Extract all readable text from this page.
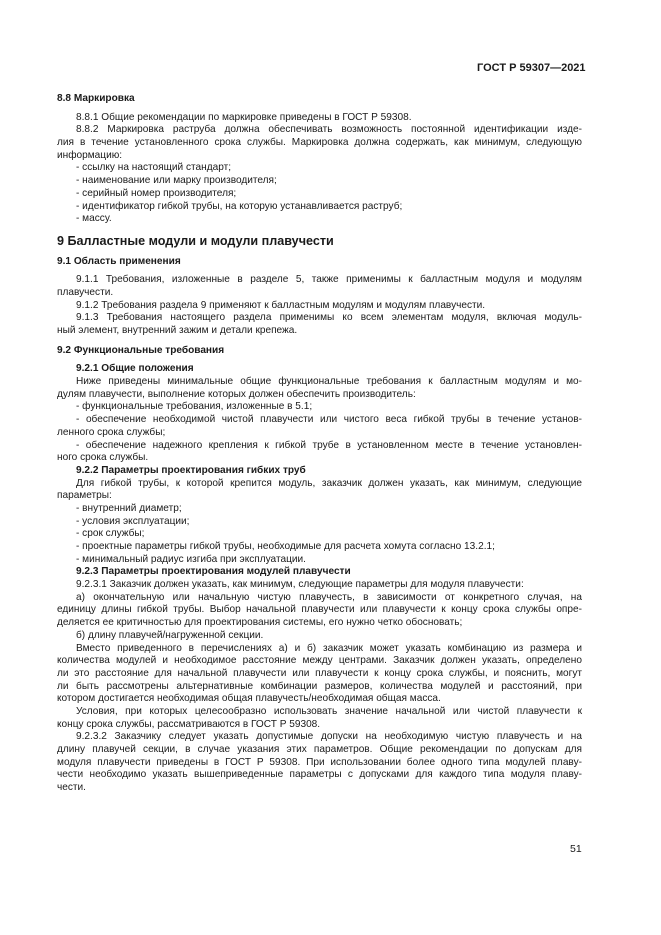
ГОСТ Р 59307—2021
8.8 Маркировка
8.8.1 Общие рекомендации по маркировке приведены в ГОСТ Р 59308.
8.8.2 Маркировка раструба должна обеспечивать возможность постоянной идентификации изде-
лия в течение установленного срока службы. Маркировка должна содержать, как минимум, следующую
информацию:
- ссылку на настоящий стандарт;
- наименование или марку производителя;
- серийный номер производителя;
- идентификатор гибкой трубы, на которую устанавливается раструб;
- массу.
9 Балластные модули и модули плавучести
9.1 Область применения
9.1.1 Требования, изложенные в разделе 5, также применимы к балластным модуля и модулям
плавучести.
9.1.2 Требования раздела 9 применяют к балластным модулям и модулям плавучести.
9.1.3 Требования настоящего раздела применимы ко всем элементам модуля, включая модуль-
ный элемент, внутренний зажим и детали крепежа.
9.2 Функциональные требования
9.2.1 Общие положения
Ниже приведены минимальные общие функциональные требования к балластным модулям и мо-
дулям плавучести, выполнение которых должен обеспечить производитель:
- функциональные требования, изложенные в 5.1;
- обеспечение необходимой чистой плавучести или чистого веса гибкой трубы в течение установ-
ленного срока службы;
- обеспечение надежного крепления к гибкой трубе в установленном месте в течение установлен-
ного срока службы.
9.2.2 Параметры проектирования гибких труб
Для гибкой трубы, к которой крепится модуль, заказчик должен указать, как минимум, следующие
параметры:
- внутренний диаметр;
- условия эксплуатации;
- срок службы;
- проектные параметры гибкой трубы, необходимые для расчета хомута согласно 13.2.1;
- минимальный радиус изгиба при эксплуатации.
9.2.3 Параметры проектирования модулей плавучести
9.2.3.1 Заказчик должен указать, как минимум, следующие параметры для модуля плавучести:
а) окончательную или начальную чистую плавучесть, в зависимости от конкретного случая, на
единицу длины гибкой трубы. Выбор начальной плавучести или плавучести к концу срока службы опре-
деляется ее критичностью для проектирования системы, его нужно четко обосновать;
б) длину плавучей/нагруженной секции.
Вместо приведенного в перечислениях а) и б) заказчик может указать комбинацию из размера и
количества модулей и необходимое расстояние между центрами. Заказчик должен указать, определено
ли это расстояние для начальной плавучести или плавучести к концу срока службы, и пояснить, могут
ли быть рассмотрены альтернативные комбинации размеров, количества модулей и расстояний, при
котором достигается необходимая общая плавучесть/необходимая общая масса.
Условия, при которых целесообразно использовать значение начальной или чистой плавучести к
концу срока службы, рассматриваются в ГОСТ Р 59308.
9.2.3.2 Заказчику следует указать допустимые допуски на необходимую чистую плавучесть и на
длину плавучей секции, в случае указания этих параметров. Общие рекомендации по допускам для
модуля плавучести приведены в ГОСТ Р 59308. При использовании более одного типа модулей плаву-
чести необходимо указать вышеприведенные параметры с допусками для каждого типа модуля плаву-
чести.
51
